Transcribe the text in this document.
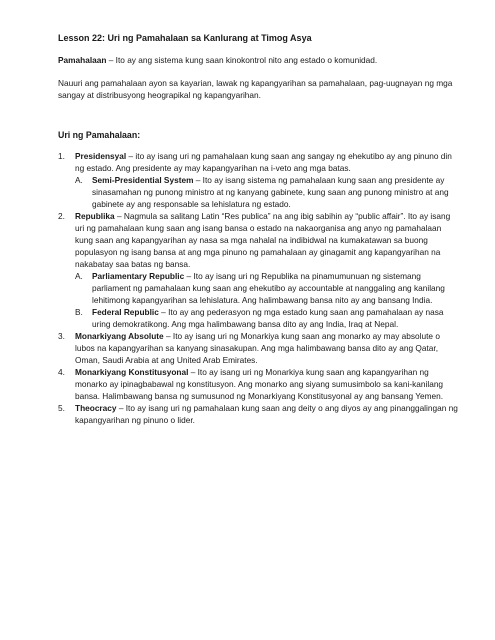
Lesson 22: Uri ng Pamahalaan sa Kanlurang at Timog Asya

Pamahalaan – Ito ay ang sistema kung saan kinokontrol nito ang estado o komunidad.

Nauuri ang pamahalaan ayon sa kayarian, lawak ng kapangyarihan sa pamahalaan, pag-uugnayan ng mga sangay at distribusyong heograpikal ng kapangyarihan.

Uri ng Pamahalaan:
1. Presidensyal – ito ay isang uri ng pamahalaan kung saan ang sangay ng ehekutibo ay ang pinuno din ng estado. Ang presidente ay may kapangyarihan na i-veto ang mga batas.
A. Semi-Presidential System – Ito ay isang sistema ng pamahalaan kung saan ang presidente ay sinasamahan ng punong ministro at ng kanyang gabinete, kung saan ang punong ministro at ang gabinete ay ang responsable sa lehislatura ng estado.
2. Republika – Nagmula sa salitang Latin “Res publica” na ang ibig sabihin ay “public affair”. Ito ay isang uri ng pamahalaan kung saan ang isang bansa o estado na nakaorganisa ang anyo ng pamahalaan kung saan ang kapangyarihan ay nasa sa mga nahalal na indibidwal na kumakatawan sa buong populasyon ng isang bansa at ang mga pinuno ng pamahalaan ay ginagamit ang kapangyarihan na nakabatay saa batas ng bansa.
A. Parliamentary Republic – Ito ay isang uri ng Republika na pinamumunuan ng sistemang parliament ng pamahalaan kung saan ang ehekutibo ay accountable at nanggaling ang kanilang lehitimong kapangyarihan sa lehislatura. Ang halimbawang bansa nito ay ang bansang India.
B. Federal Republic – Ito ay ang pederasyon ng mga estado kung saan ang pamahalaan ay nasa uring demokratikong. Ang mga halimbawang bansa dito ay ang India, Iraq at Nepal.
3. Monarkiyang Absolute – Ito ay isang uri ng Monarkiya kung saan ang monarko ay may absolute o lubos na kapangyarihan sa kanyang sinasakupan. Ang mga halimbawang bansa dito ay ang Qatar, Oman, Saudi Arabia at ang United Arab Emirates.
4. Monarkiyang Konstitusyonal – Ito ay isang uri ng Monarkiya kung saan ang kapangyarihan ng monarko ay ipinagbabawal ng konstitusyon. Ang monarko ang siyang sumusimbolo sa kani-kanilang bansa. Halimbawang bansa ng sumusunod ng Monarkiyang Konstitusyonal ay ang bansang Yemen.
5. Theocracy – Ito ay isang uri ng pamahalaan kung saan ang deity o ang diyos ay ang pinanggalingan ng kapangyarihan ng pinuno o lider.
